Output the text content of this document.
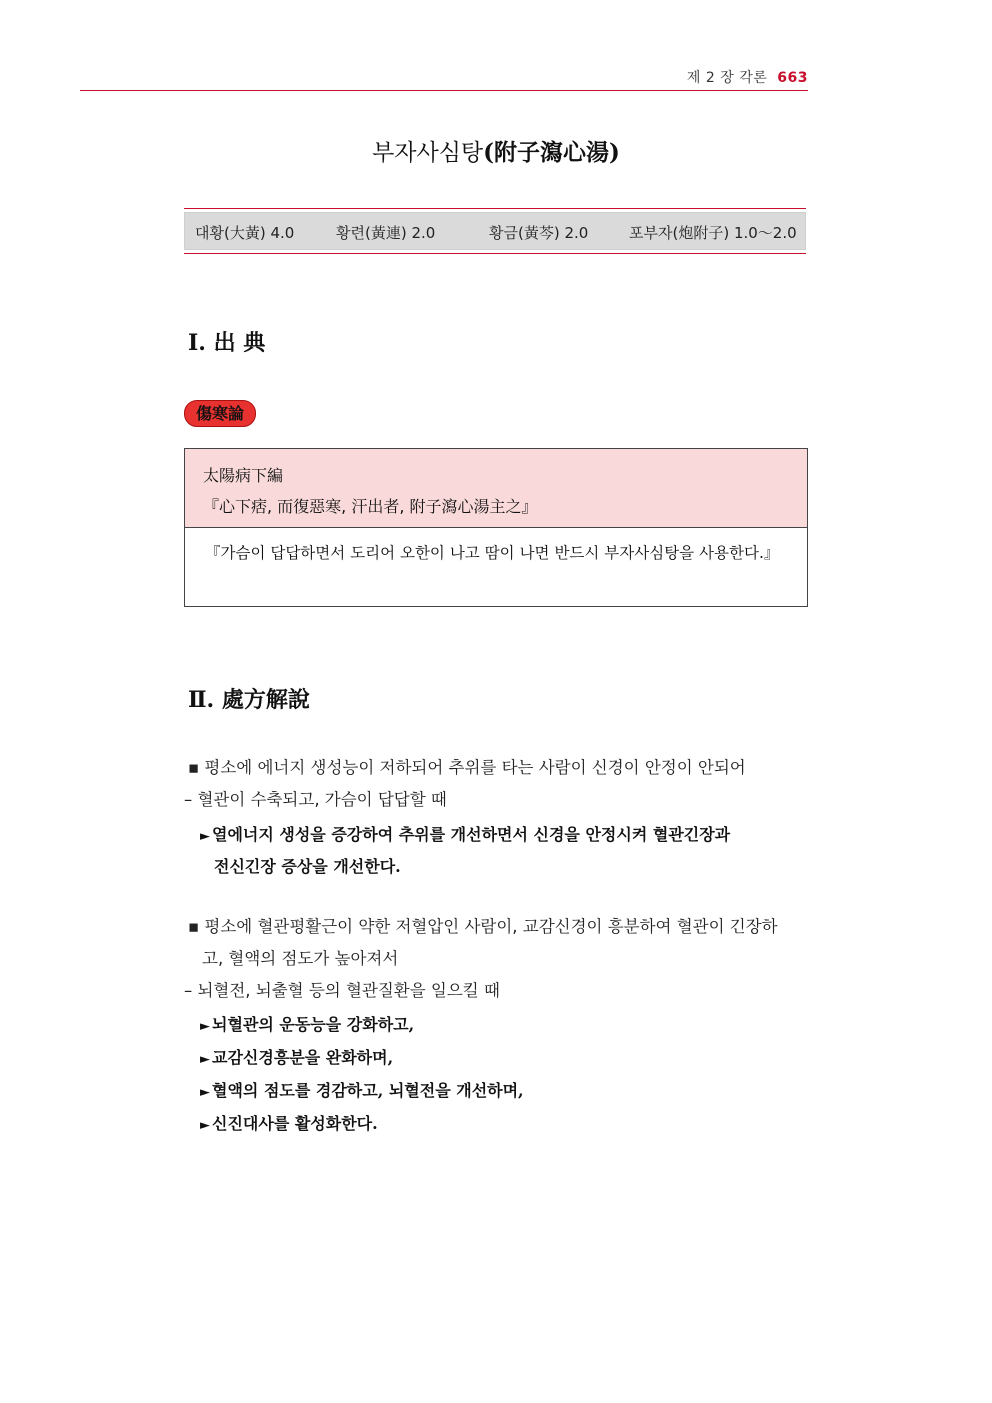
제 2 장 각론 663
부자사심탕(附子瀉心湯)
대황(大黃) 4.0	황련(黃連) 2.0	황금(黃芩) 2.0	포부자(炮附子) 1.0～2.0
Ⅰ. 出 典
傷寒論
太陽病下編
『心下痞, 而復惡寒, 汗出者, 附子瀉心湯主之』
『가슴이 답답하면서 도리어 오한이 나고 땀이 나면 반드시 부자사심탕을 사용한다.』
Ⅱ. 處方解說
▪ 평소에 에너지 생성능이 저하되어 추위를 타는 사람이 신경이 안정이 안되어
– 혈관이 수축되고, 가슴이 답답할 때
► 열에너지 생성을 증강하여 추위를 개선하면서 신경을 안정시켜 혈관긴장과
전신긴장 증상을 개선한다.
▪ 평소에 혈관평활근이 약한 저혈압인 사람이, 교감신경이 흥분하여 혈관이 긴장하
고, 혈액의 점도가 높아져서
– 뇌혈전, 뇌출혈 등의 혈관질환을 일으킬 때
► 뇌혈관의 운동능을 강화하고,
► 교감신경흥분을 완화하며,
► 혈액의 점도를 경감하고, 뇌혈전을 개선하며,
► 신진대사를 활성화한다.
